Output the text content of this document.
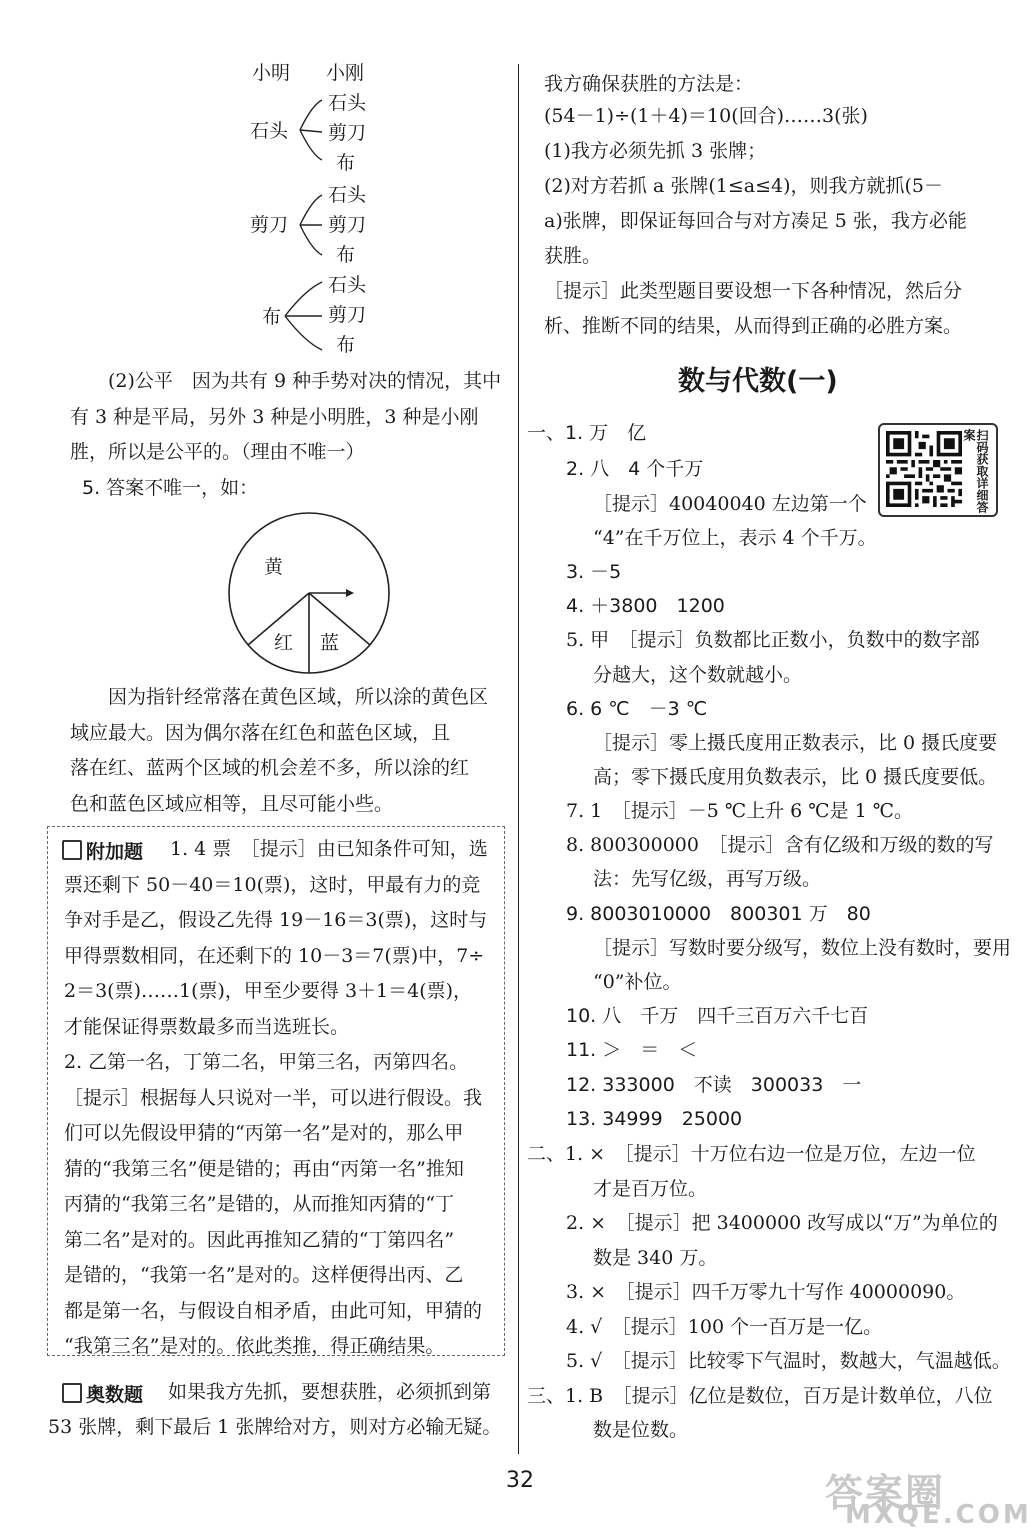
小明 小刚
石头
石头
剪刀
布
剪刀
石头
剪刀
布
布
石头
剪刀
布
(2)公平　因为共有 9 种手势对决的情况，其中
有 3 种是平局，另外 3 种是小明胜，3 种是小刚
胜，所以是公平的。（理由不唯一）
5. 答案不唯一，如：
黄
红 蓝
因为指针经常落在黄色区域，所以涂的黄色区
域应最大。因为偶尔落在红色和蓝色区域，且
落在红、蓝两个区域的机会差不多，所以涂的红
色和蓝色区域应相等，且尽可能小些。
附加题 1. 4 票　［提示］由已知条件可知，选
票还剩下 50－40＝10(票)，这时，甲最有力的竞
争对手是乙，假设乙先得 19－16＝3(票)，这时与
甲得票数相同，在还剩下的 10－3＝7(票)中，7÷
2＝3(票)……1(票)，甲至少要得 3＋1＝4(票)，
才能保证得票数最多而当选班长。
2. 乙第一名，丁第二名，甲第三名，丙第四名。
［提示］根据每人只说对一半，可以进行假设。我
们可以先假设甲猜的“丙第一名”是对的，那么甲
猜的“我第三名”便是错的；再由“丙第一名”推知
丙猜的“我第三名”是错的，从而推知丙猜的“丁
第二名”是对的。因此再推知乙猜的“丁第四名”
是错的，“我第一名”是对的。这样便得出丙、乙
都是第一名，与假设自相矛盾，由此可知，甲猜的
“我第三名”是对的。依此类推，得正确结果。
奥数题 如果我方先抓，要想获胜，必须抓到第
53 张牌，剩下最后 1 张牌给对方，则对方必输无疑。
我方确保获胜的方法是：
(54－1)÷(1＋4)＝10(回合)……3(张)
(1)我方必须先抓 3 张牌；
(2)对方若抓 a 张牌(1≤a≤4)，则我方就抓(5－
a)张牌，即保证每回合与对方凑足 5 张，我方必能
获胜。
［提示］此类型题目要设想一下各种情况，然后分
析、推断不同的结果，从而得到正确的必胜方案。
数与代数(一)
扫码获取详细答案
一、1. 万　亿
2. 八　4 个千万
［提示］40040040 左边第一个
“4”在千万位上，表示 4 个千万。
3. －5
4. ＋3800　1200
5. 甲　［提示］负数都比正数小，负数中的数字部
分越大，这个数就越小。
6. 6 ℃　－3 ℃
［提示］零上摄氏度用正数表示，比 0 摄氏度要
高；零下摄氏度用负数表示，比 0 摄氏度要低。
7. 1　［提示］－5 ℃上升 6 ℃是 1 ℃。
8. 800300000　［提示］含有亿级和万级的数的写
法：先写亿级，再写万级。
9. 8003010000　800301 万　80
［提示］写数时要分级写，数位上没有数时，要用
“0”补位。
10. 八　千万　四千三百万六千七百
11. ＞　＝　＜
12. 333000　不读　300033　一
13. 34999　25000
二、1. ×　［提示］十万位右边一位是万位，左边一位
才是百万位。
2. ×　［提示］把 3400000 改写成以“万”为单位的
数是 340 万。
3. ×　［提示］四千万零九十写作 40000090。
4. √　［提示］100 个一百万是一亿。
5. √　［提示］比较零下气温时，数越大，气温越低。
三、1. B　［提示］亿位是数位，百万是计数单位，八位
数是位数。
32	答案圈
MXQE.COM
